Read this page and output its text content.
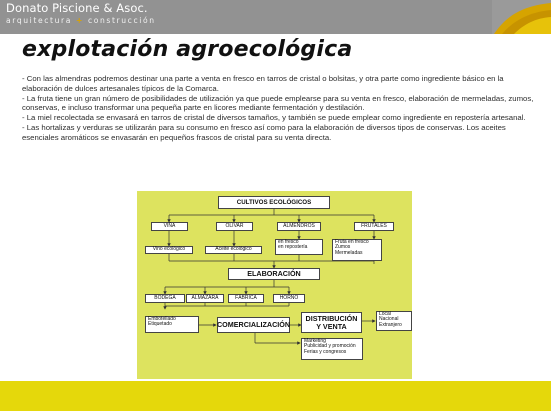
Donato Piscione & Asoc.
arquitectura + construcción
explotación agroecológica

- Con las almendras podremos destinar una parte a venta en fresco en tarros de cristal o bolsitas, y otra parte como ingrediente básico en la elaboración de dulces artesanales típicos de la Comarca.

- La fruta tiene un gran número de posibilidades de utilización ya que puede emplearse para su venta en fresco, elaboración de mermeladas, zumos, conservas, e incluso transformar una pequeña parte en licores mediante fermentación y destilación.

- La miel recolectada se envasará en tarros de cristal de diversos tamaños, y también se puede emplear como ingrediente en repostería artesanal.

- Las hortalizas y verduras se utilizarán para su consumo en fresco así como para la elaboración de diversos tipos de conservas. Los aceites esenciales aromáticos se envasarán en pequeños frascos de cristal para su venta directa.

CULTIVOS ECOLÓGICOS
VIÑA	OLIVAR	ALMENDROS	FRUTALES
Vino ecológico	Aceite ecológico
en fresco
en repostería
Fruta en fresco
Zumos
Mermeladas
ELABORACIÓN
BODEGA	ALMAZARA	FÁBRICA	HORNO
Embotellado
Etiquetado	COMERCIALIZACIÓN
DISTRIBUCIÓN
Y VENTA
Local
Nacional
Extranjero
Marketing
Publicidad y promoción
Ferias y congresos
